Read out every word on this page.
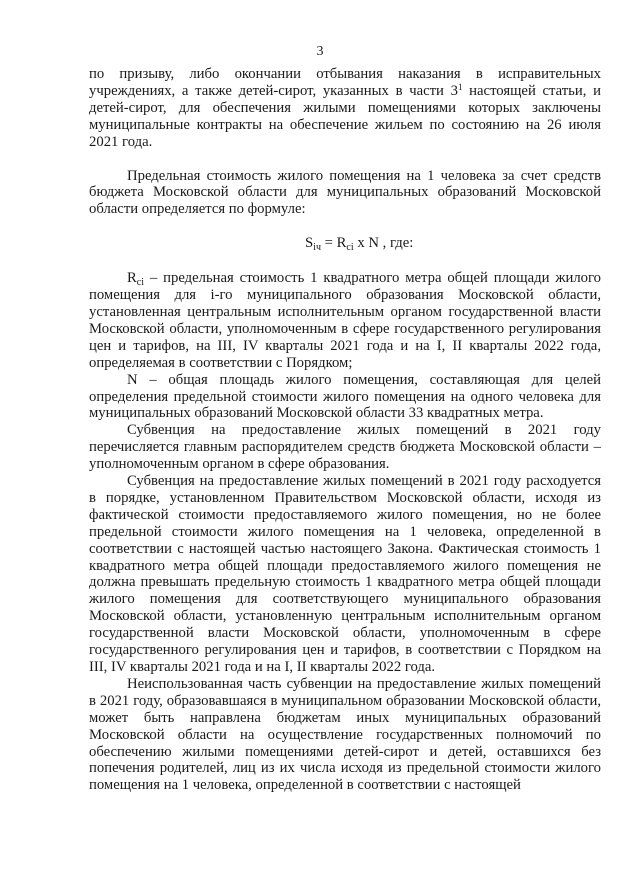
3

по призыву, либо окончании отбывания наказания в исправительных учреждениях, а также детей-сирот, указанных в части $3^1$ настоящей статьи, и детей-сирот, для обеспечения жилыми помещениями которых заключены муниципальные контракты на обеспечение жильем по состоянию на 26 июля 2021 года.

Предельная стоимость жилого помещения на 1 человека за счет средств бюджета Московской области для муниципальных образований Московской области определяется по формуле:

$S_{iч} = R_{ci}$ x N , где:

$R_{ci}$ – предельная стоимость 1 квадратного метра общей площади жилого помещения для i-го муниципального образования Московской области, установленная центральным исполнительным органом государственной власти Московской области, уполномоченным в сфере государственного регулирования цен и тарифов, на III, IV кварталы 2021 года и на I, II кварталы 2022 года, определяемая в соответствии с Порядком;

N – общая площадь жилого помещения, составляющая для целей определения предельной стоимости жилого помещения на одного человека для муниципальных образований Московской области 33 квадратных метра.

Субвенция на предоставление жилых помещений в 2021 году перечисляется главным распорядителем средств бюджета Московской области – уполномоченным органом в сфере образования.

Субвенция на предоставление жилых помещений в 2021 году расходуется в порядке, установленном Правительством Московской области, исходя из фактической стоимости предоставляемого жилого помещения, но не более предельной стоимости жилого помещения на 1 человека, определенной в соответствии с настоящей частью настоящего Закона. Фактическая стоимость 1 квадратного метра общей площади предоставляемого жилого помещения не должна превышать предельную стоимость 1 квадратного метра общей площади жилого помещения для соответствующего муниципального образования Московской области, установленную центральным исполнительным органом государственной власти Московской области, уполномоченным в сфере государственного регулирования цен и тарифов, в соответствии с Порядком на III, IV кварталы 2021 года и на I, II кварталы 2022 года.

Неиспользованная часть субвенции на предоставление жилых помещений в 2021 году, образовавшаяся в муниципальном образовании Московской области, может быть направлена бюджетам иных муниципальных образований Московской области на осуществление государственных полномочий по обеспечению жилыми помещениями детей-сирот и детей, оставшихся без попечения родителей, лиц из их числа исходя из предельной стоимости жилого помещения на 1 человека, определенной в соответствии с настоящей
